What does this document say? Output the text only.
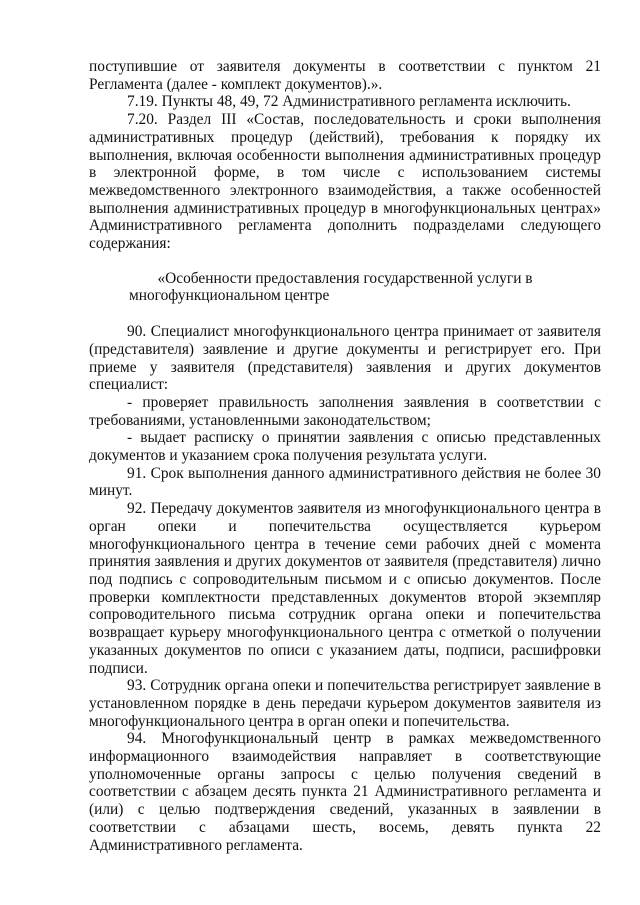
поступившие от заявителя документы в соответствии с пунктом 21 Регламента (далее - комплект документов).».

7.19. Пункты 48, 49, 72 Административного регламента исключить.

7.20. Раздел III «Состав, последовательность и сроки выполнения административных процедур (действий), требования к порядку их выполнения, включая особенности выполнения административных процедур в электронной форме, в том числе с использованием системы межведомственного электронного взаимодействия, а также особенностей выполнения административных процедур в многофункциональных центрах» Административного регламента дополнить подразделами следующего содержания:

«Особенности предоставления государственной услуги в многофункциональном центре

90. Специалист многофункционального центра принимает от заявителя (представителя) заявление и другие документы и регистрирует его. При приеме у заявителя (представителя) заявления и других документов специалист:

- проверяет правильность заполнения заявления в соответствии с требованиями, установленными законодательством;

- выдает расписку о принятии заявления с описью представленных документов и указанием срока получения результата услуги.

91. Срок выполнения данного административного действия не более 30 минут.

92. Передачу документов заявителя из многофункционального центра в орган опеки и попечительства осуществляется курьером многофункционального центра в течение семи рабочих дней с момента принятия заявления и других документов от заявителя (представителя) лично под подпись с сопроводительным письмом и с описью документов. После проверки комплектности представленных документов второй экземпляр сопроводительного письма сотрудник органа опеки и попечительства возвращает курьеру многофункционального центра с отметкой о получении указанных документов по описи с указанием даты, подписи, расшифровки подписи.

93. Сотрудник органа опеки и попечительства регистрирует заявление в установленном порядке в день передачи курьером документов заявителя из многофункционального центра в орган опеки и попечительства.

94. Многофункциональный центр в рамках межведомственного информационного взаимодействия направляет в соответствующие уполномоченные органы запросы с целью получения сведений в соответствии с абзацем десять пункта 21 Административного регламента и (или) с целью подтверждения сведений, указанных в заявлении в соответствии с абзацами шесть, восемь, девять пункта 22 Административного регламента.
